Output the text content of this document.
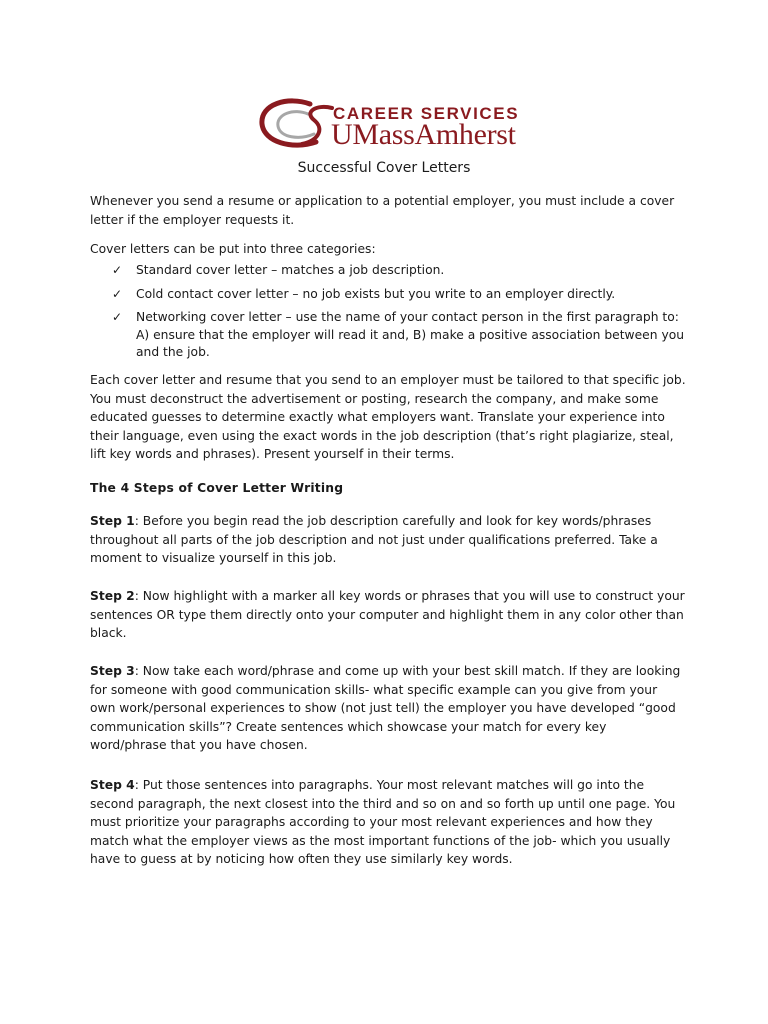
CAREER SERVICES
UMassAmherst
Successful Cover Letters

Whenever you send a resume or application to a potential employer, you must include a cover letter if the employer requests it.

Cover letters can be put into three categories:

✓ Standard cover letter – matches a job description.
✓ Cold contact cover letter – no job exists but you write to an employer directly.
✓ Networking cover letter – use the name of your contact person in the first paragraph to: A) ensure that the employer will read it and, B) make a positive association between you and the job.

Each cover letter and resume that you send to an employer must be tailored to that specific job. You must deconstruct the advertisement or posting, research the company, and make some educated guesses to determine exactly what employers want. Translate your experience into their language, even using the exact words in the job description (that’s right plagiarize, steal, lift key words and phrases). Present yourself in their terms.

The 4 Steps of Cover Letter Writing

Step 1: Before you begin read the job description carefully and look for key words/phrases throughout all parts of the job description and not just under qualifications preferred. Take a moment to visualize yourself in this job.

Step 2: Now highlight with a marker all key words or phrases that you will use to construct your sentences OR type them directly onto your computer and highlight them in any color other than black.

Step 3: Now take each word/phrase and come up with your best skill match. If they are looking for someone with good communication skills- what specific example can you give from your own work/personal experiences to show (not just tell) the employer you have developed “good communication skills”? Create sentences which showcase your match for every key word/phrase that you have chosen.

Step 4: Put those sentences into paragraphs. Your most relevant matches will go into the second paragraph, the next closest into the third and so on and so forth up until one page. You must prioritize your paragraphs according to your most relevant experiences and how they match what the employer views as the most important functions of the job- which you usually have to guess at by noticing how often they use similarly key words.
